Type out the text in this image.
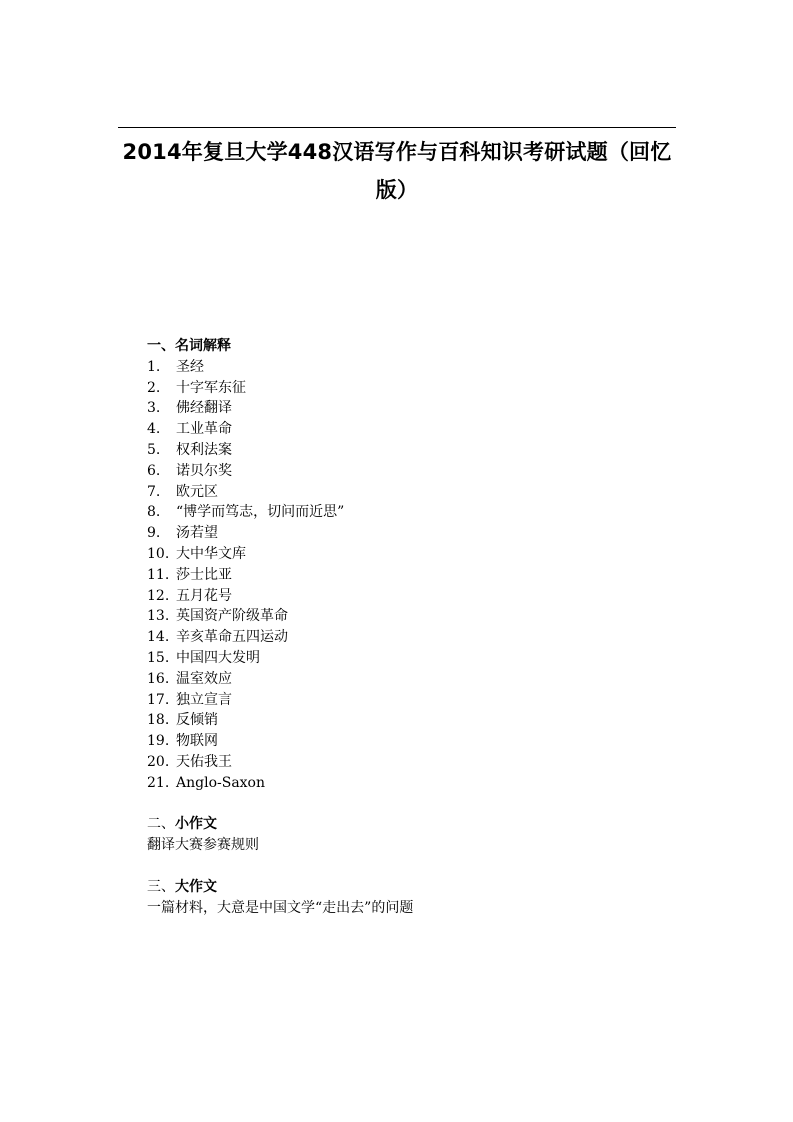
2014年复旦大学448汉语写作与百科知识考研试题（回忆版）
一、名词解释
1. 圣经
2. 十字军东征
3. 佛经翻译
4. 工业革命
5. 权利法案
6. 诺贝尔奖
7. 欧元区
8. “博学而笃志，切问而近思”
9. 汤若望
10. 大中华文库
11. 莎士比亚
12. 五月花号
13. 英国资产阶级革命
14. 辛亥革命五四运动
15. 中国四大发明
16. 温室效应
17. 独立宣言
18. 反倾销
19. 物联网
20. 天佑我王
21. Anglo-Saxon
二、小作文
翻译大赛参赛规则
三、大作文
一篇材料，大意是中国文学“走出去”的问题
